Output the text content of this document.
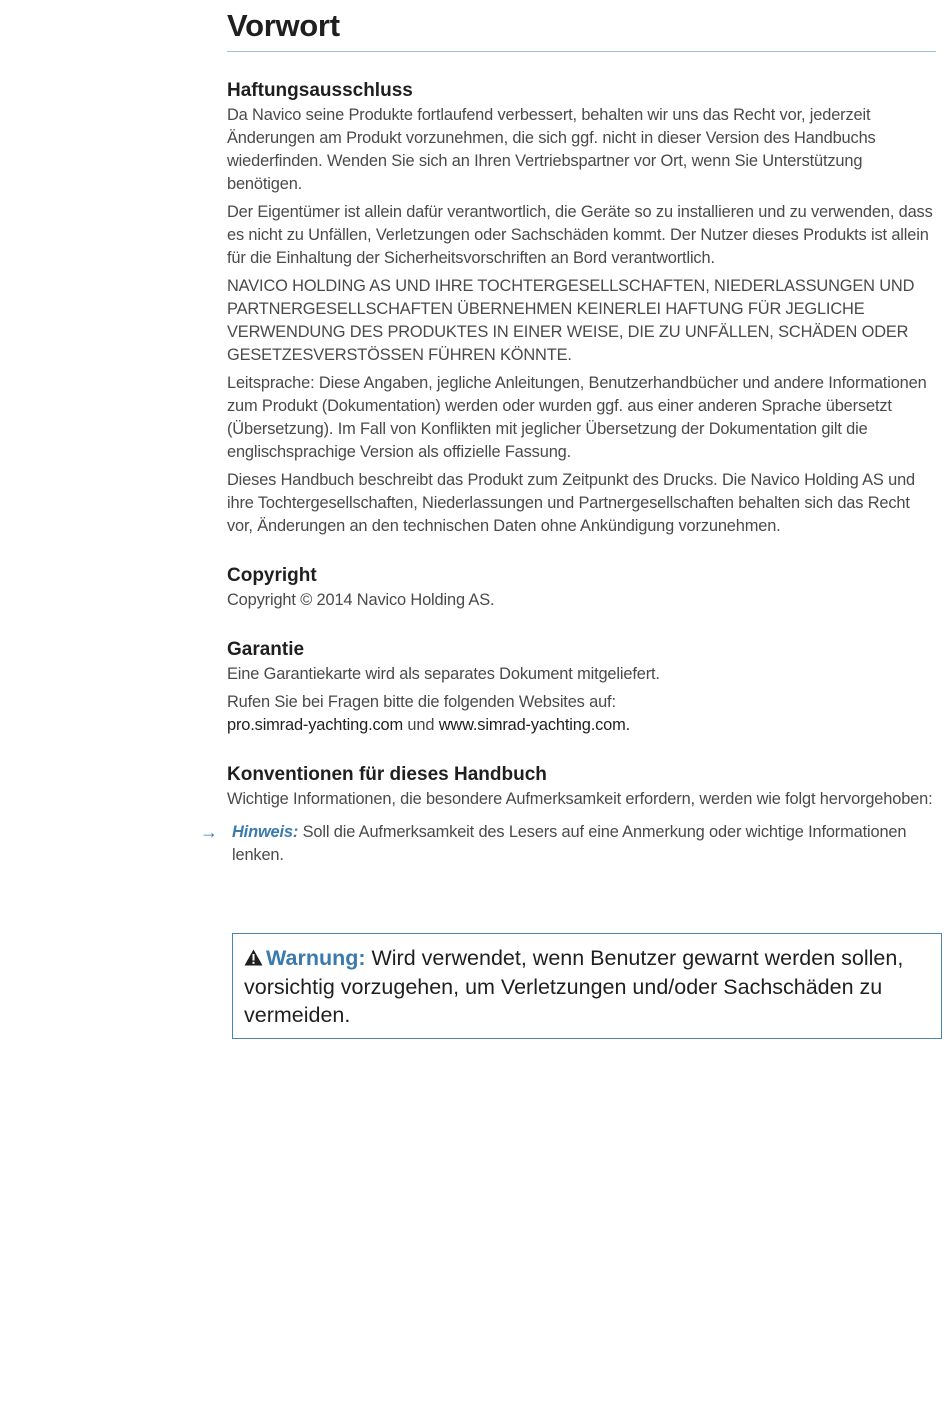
Vorwort
Haftungsausschluss

Da Navico seine Produkte fortlaufend verbessert, behalten wir uns das Recht vor, jederzeit Änderungen am Produkt vorzunehmen, die sich ggf. nicht in dieser Version des Handbuchs wiederfinden. Wenden Sie sich an Ihren Vertriebspartner vor Ort, wenn Sie Unterstützung benötigen.

Der Eigentümer ist allein dafür verantwortlich, die Geräte so zu installieren und zu verwenden, dass es nicht zu Unfällen, Verletzungen oder Sachschäden kommt. Der Nutzer dieses Produkts ist allein für die Einhaltung der Sicherheitsvorschriften an Bord verantwortlich.

NAVICO HOLDING AS UND IHRE TOCHTERGESELLSCHAFTEN, NIEDERLASSUNGEN UND PARTNERGESELLSCHAFTEN ÜBERNEHMEN KEINERLEI HAFTUNG FÜR JEGLICHE VERWENDUNG DES PRODUKTES IN EINER WEISE, DIE ZU UNFÄLLEN, SCHÄDEN ODER GESETZESVERSTÖSSEN FÜHREN KÖNNTE.

Leitsprache: Diese Angaben, jegliche Anleitungen, Benutzerhandbücher und andere Informationen zum Produkt (Dokumentation) werden oder wurden ggf. aus einer anderen Sprache übersetzt (Übersetzung). Im Fall von Konflikten mit jeglicher Übersetzung der Dokumentation gilt die englischsprachige Version als offizielle Fassung.

Dieses Handbuch beschreibt das Produkt zum Zeitpunkt des Drucks. Die Navico Holding AS und ihre Tochtergesellschaften, Niederlassungen und Partnergesellschaften behalten sich das Recht vor, Änderungen an den technischen Daten ohne Ankündigung vorzunehmen.

Copyright

Copyright © 2014 Navico Holding AS.

Garantie

Eine Garantiekarte wird als separates Dokument mitgeliefert.

Rufen Sie bei Fragen bitte die folgenden Websites auf:
pro.simrad-yachting.com und www.simrad-yachting.com.

Konventionen für dieses Handbuch

Wichtige Informationen, die besondere Aufmerksamkeit erfordern, werden wie folgt hervorgehoben:

→ Hinweis: Soll die Aufmerksamkeit des Lesers auf eine Anmerkung oder wichtige Informationen lenken.
Warnung: Wird verwendet, wenn Benutzer gewarnt werden sollen, vorsichtig vorzugehen, um Verletzungen und/oder Sachschäden zu vermeiden.
